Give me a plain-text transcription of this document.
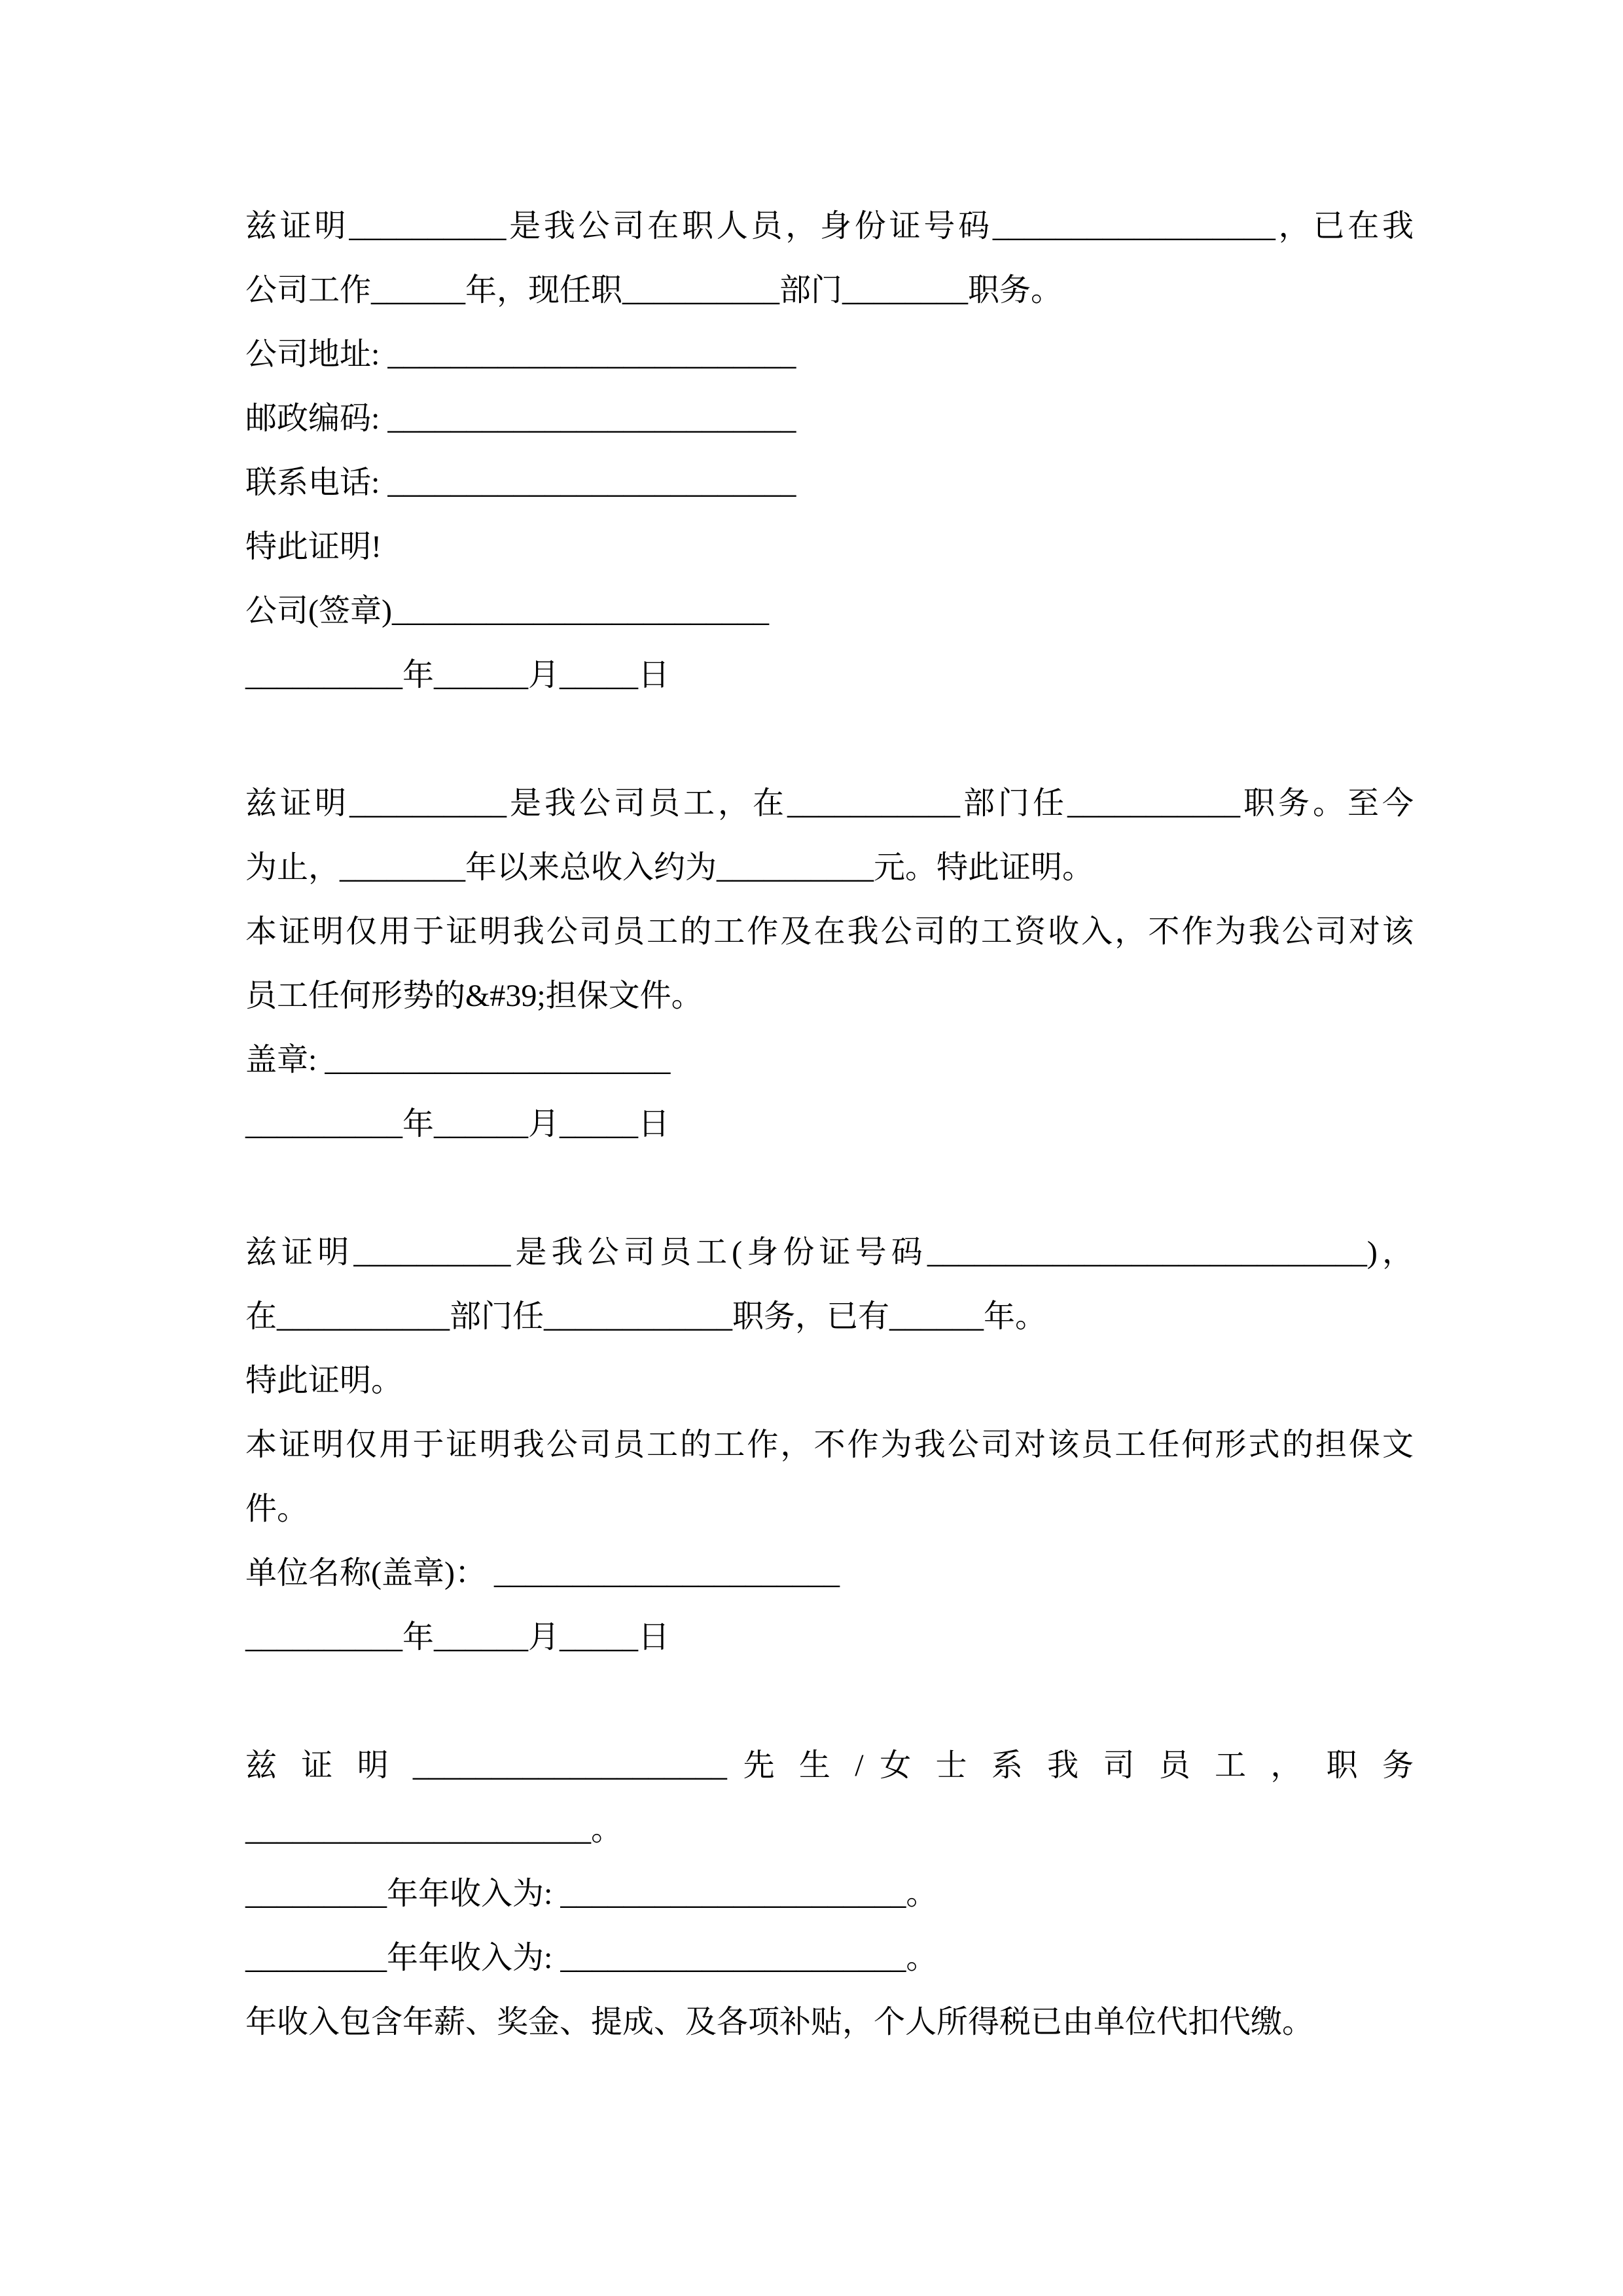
兹证明__________是我公司在职人员，身份证号码__________________，已在我
公司工作______年，现任职__________部门________职务。
公司地址: __________________________
邮政编码: __________________________
联系电话: __________________________
特此证明!
公司(签章)________________________
__________年______月_____日
兹证明__________是我公司员工，在___________部门任___________职务。至今
为止，________年以来总收入约为__________元。特此证明。
本证明仅用于证明我公司员工的工作及在我公司的工资收入，不作为我公司对该
员工任何形势的&#39;担保文件。
盖章: ______________________
__________年______月_____日
兹证明__________是我公司员工(身份证号码____________________________)，
在___________部门任____________职务，已有______年。
特此证明。
本证明仅用于证明我公司员工的工作，不作为我公司对该员工任何形式的担保文
件。
单位名称(盖章)： ______________________
__________年______月_____日
兹 证 明 ____________________ 先 生 / 女 士 系 我 司 员 工 ， 职 务
______________________。
_________年年收入为: ______________________。
_________年年收入为: ______________________。
年收入包含年薪、奖金、提成、及各项补贴，个人所得税已由单位代扣代缴。
